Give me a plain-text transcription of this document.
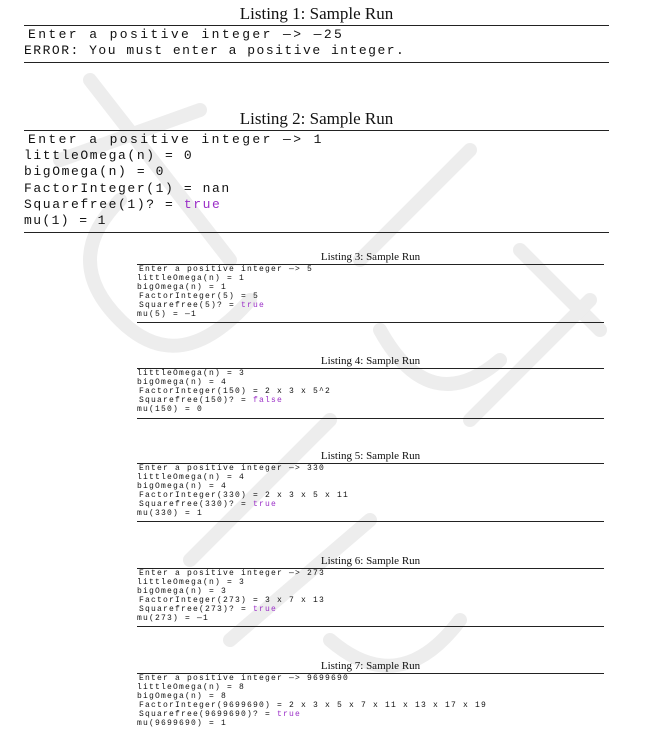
Listing 1: Sample Run
Enter a positive integer —> —25
ERROR: You must enter a positive integer.
Listing 2: Sample Run
Enter a positive integer —> 1
littleOmega(n) = 0
bigOmega(n) = 0
FactorInteger(1) = nan
Squarefree(1)? = true
mu(1) = 1
Listing 3: Sample Run
Enter a positive integer —> 5
littleOmega(n) = 1
bigOmega(n) = 1
FactorInteger(5) = 5
Squarefree(5)? = true
mu(5) = —1
Listing 4: Sample Run
littleOmega(n) = 3
bigOmega(n) = 4
FactorInteger(150) = 2 x 3 x 5^2
Squarefree(150)? = false
mu(150) = 0
Listing 5: Sample Run
Enter a positive integer —> 330
littleOmega(n) = 4
bigOmega(n) = 4
FactorInteger(330) = 2 x 3 x 5 x 11
Squarefree(330)? = true
mu(330) = 1
Listing 6: Sample Run
Enter a positive integer —> 273
littleOmega(n) = 3
bigOmega(n) = 3
FactorInteger(273) = 3 x 7 x 13
Squarefree(273)? = true
mu(273) = —1
Listing 7: Sample Run
Enter a positive integer —> 9699690
littleOmega(n) = 8
bigOmega(n) = 8
FactorInteger(9699690) = 2 x 3 x 5 x 7 x 11 x 13 x 17 x 19
Squarefree(9699690)? = true
mu(9699690) = 1
